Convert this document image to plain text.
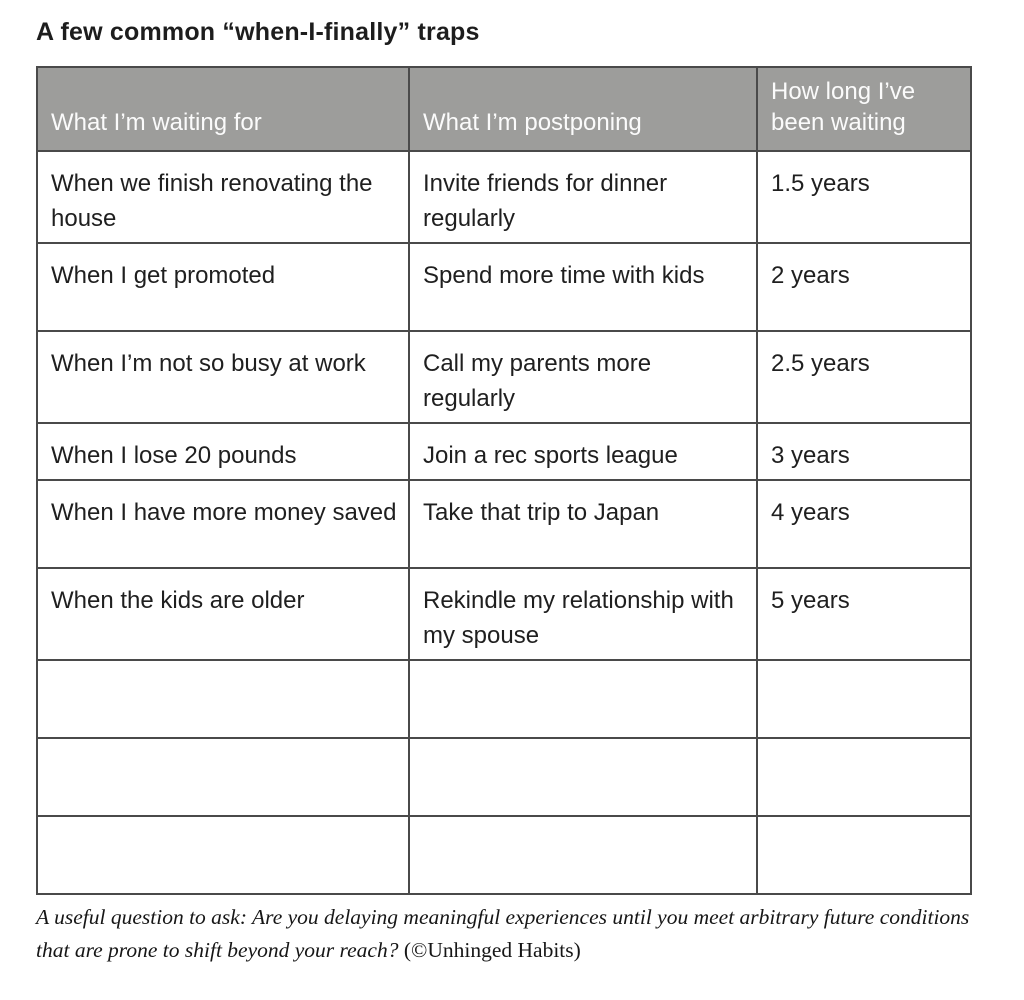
A few common “when-I-finally” traps
What I’m waiting for	What I’m postponing	How long I’ve been waiting
When we finish renovating the house	Invite friends for dinner regularly	1.5 years
When I get promoted	Spend more time with kids	2 years
When I’m not so busy at work	Call my parents more regularly	2.5 years
When I lose 20 pounds	Join a rec sports league	3 years
When I have more money saved	Take that trip to Japan	4 years
When the kids are older	Rekindle my relationship with my spouse	5 years

A useful question to ask: Are you delaying meaningful experiences until you meet arbitrary future conditions that are prone to shift beyond your reach? (©Unhinged Habits)
